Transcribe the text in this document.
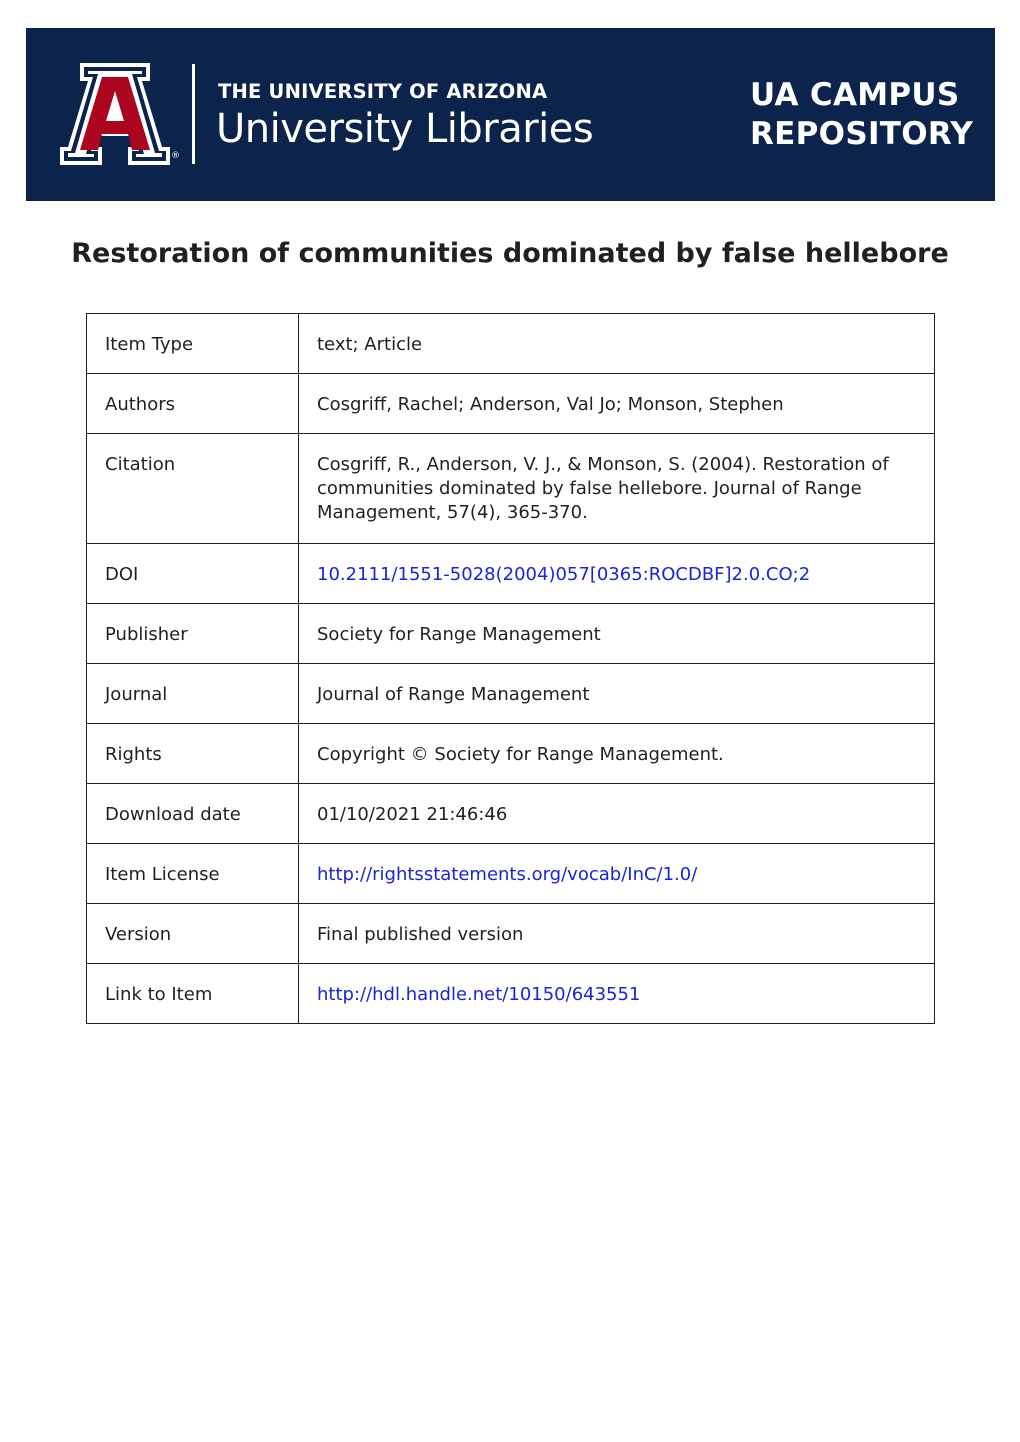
®
THE UNIVERSITY OF ARIZONA
University Libraries
UA CAMPUS
REPOSITORY
Restoration of communities dominated by false hellebore
Item Type	text; Article
Authors	Cosgriff, Rachel; Anderson, Val Jo; Monson, Stephen
Citation	Cosgriff, R., Anderson, V. J., & Monson, S. (2004). Restoration of communities dominated by false hellebore. Journal of Range Management, 57(4), 365-370.
DOI	10.2111/1551-5028(2004)057[0365:ROCDBF]2.0.CO;2
Publisher	Society for Range Management
Journal	Journal of Range Management
Rights	Copyright © Society for Range Management.
Download date	01/10/2021 21:46:46
Item License	http://rightsstatements.org/vocab/InC/1.0/
Version	Final published version
Link to Item	http://hdl.handle.net/10150/643551
